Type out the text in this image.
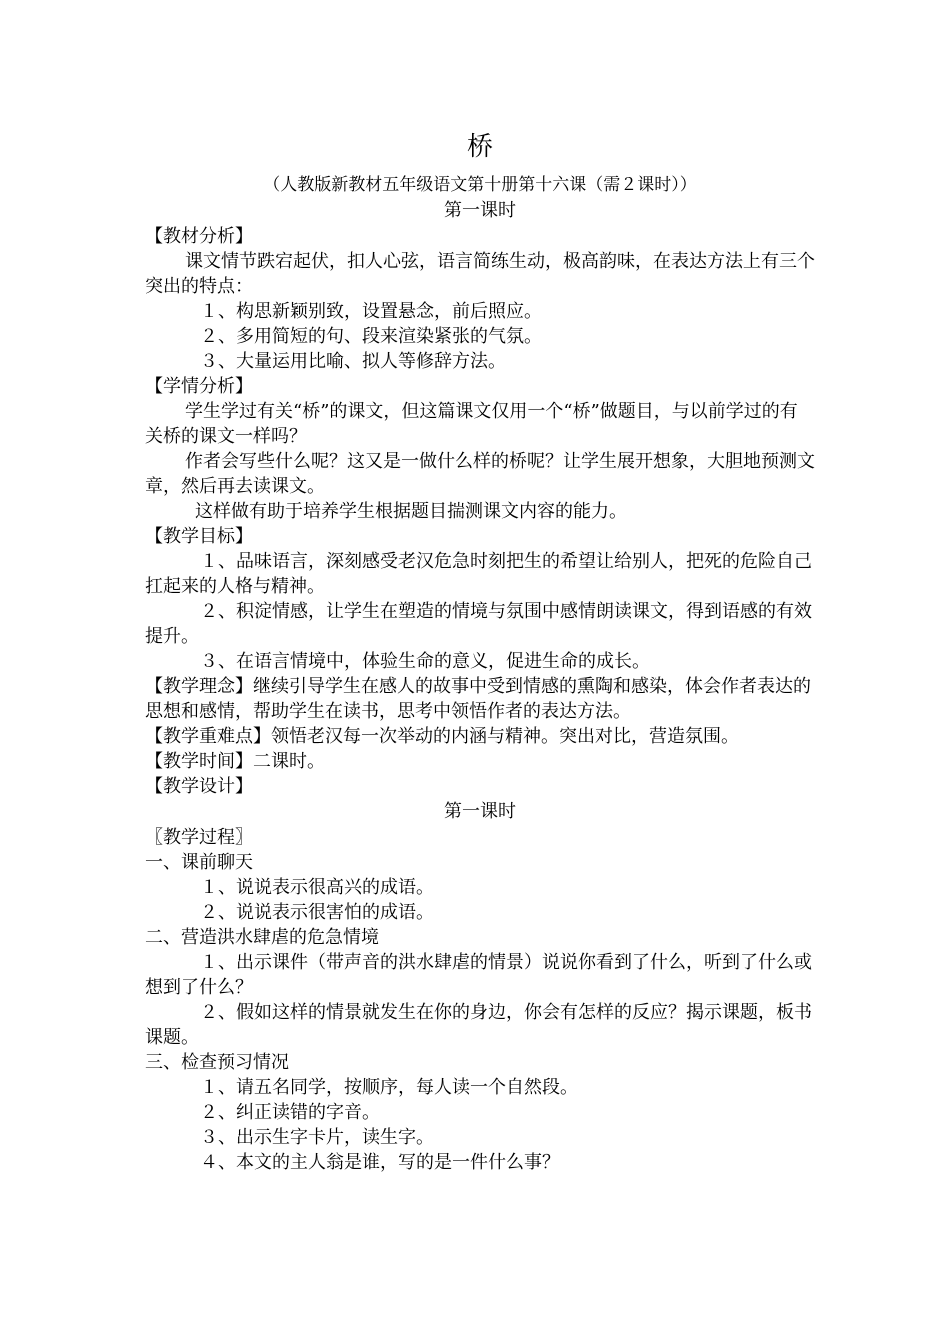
桥

（人教版新教材五年级语文第十册第十六课（需２课时））

第一课时

【教材分析】

课文情节跌宕起伏，扣人心弦，语言简练生动，极高韵味，在表达方法上有三个突出的特点：

１、构思新颖别致，设置悬念，前后照应。

２、多用简短的句、段来渲染紧张的气氛。

３、大量运用比喻、拟人等修辞方法。

【学情分析】

学生学过有关“桥”的课文，但这篇课文仅用一个“桥”做题目，与以前学过的有关桥的课文一样吗？

作者会写些什么呢？这又是一做什么样的桥呢？让学生展开想象，大胆地预测文章，然后再去读课文。

这样做有助于培养学生根据题目揣测课文内容的能力。

【教学目标】

１、品味语言，深刻感受老汉危急时刻把生的希望让给别人，把死的危险自己扛起来的人格与精神。

２、积淀情感，让学生在塑造的情境与氛围中感情朗读课文，得到语感的有效提升。

３、在语言情境中，体验生命的意义，促进生命的成长。

【教学理念】继续引导学生在感人的故事中受到情感的熏陶和感染，体会作者表达的思想和感情，帮助学生在读书，思考中领悟作者的表达方法。

【教学重难点】领悟老汉每一次举动的内涵与精神。突出对比，营造氛围。

【教学时间】二课时。

【教学设计】

第一课时

〖教学过程〗

一、课前聊天

１、说说表示很高兴的成语。

２、说说表示很害怕的成语。

二、营造洪水肆虐的危急情境

１、出示课件（带声音的洪水肆虐的情景）说说你看到了什么，听到了什么或想到了什么？

２、假如这样的情景就发生在你的身边，你会有怎样的反应？揭示课题，板书课题。

三、检查预习情况

１、请五名同学，按顺序，每人读一个自然段。

２、纠正读错的字音。

３、出示生字卡片，读生字。

４、本文的主人翁是谁，写的是一件什么事？
